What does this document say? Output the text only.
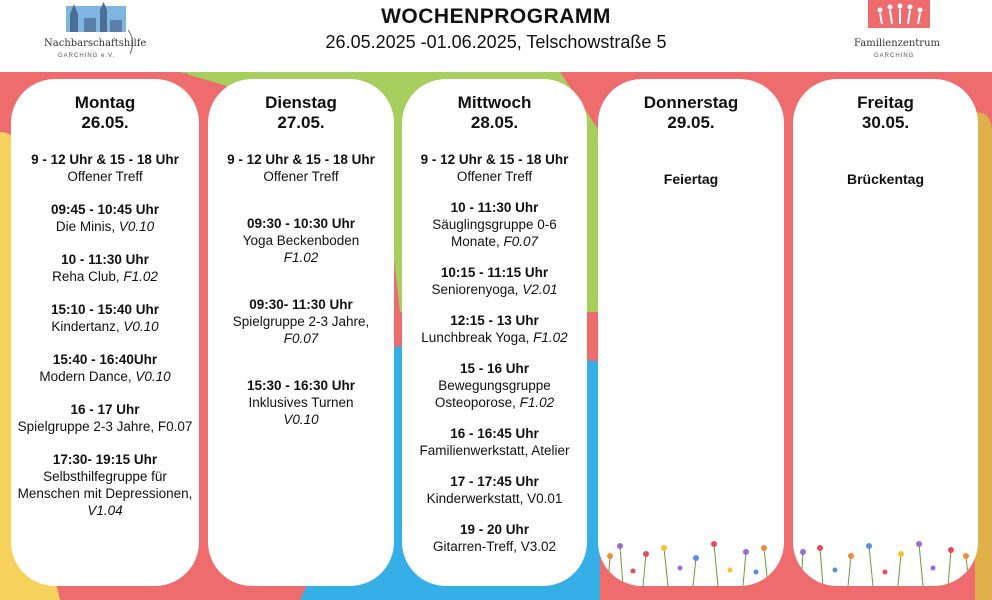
Nachbarschaftshilfe
GARCHING e.V.
WOCHENPROGRAMM
26.05.2025 -01.06.2025, Telschowstraße 5	Familienzentrum
GARCHING
Montag
26.05.
9 - 12 Uhr & 15 - 18 Uhr
Offener Treff
09:45 - 10:45 Uhr
Die Minis, V0.10
10 - 11:30 Uhr
Reha Club, F1.02
15:10 - 15:40 Uhr
Kindertanz, V0.10
15:40 - 16:40Uhr
Modern Dance, V0.10
16 - 17 Uhr
Spielgruppe 2-3 Jahre, F0.07
17:30- 19:15 Uhr
Selbsthilfegruppe für Menschen mit Depressionen, V1.04
Dienstag
27.05.
9 - 12 Uhr & 15 - 18 Uhr
Offener Treff
09:30 - 10:30 Uhr
Yoga Beckenboden
F1.02
09:30- 11:30 Uhr
Spielgruppe 2-3 Jahre, F0.07
15:30 - 16:30 Uhr
Inklusives Turnen
V0.10
Mittwoch
28.05.
9 - 12 Uhr & 15 - 18 Uhr
Offener Treff
10 - 11:30 Uhr
Säuglingsgruppe 0-6 Monate, F0.07
10:15 - 11:15 Uhr
Seniorenyoga, V2.01
12:15 - 13 Uhr
Lunchbreak Yoga, F1.02
15 - 16 Uhr
Bewegungsgruppe Osteoporose, F1.02
16 - 16:45 Uhr
Familienwerkstatt, Atelier
17 - 17:45 Uhr
Kinderwerkstatt, V0.01
19 - 20 Uhr
Gitarren-Treff, V3.02
Donnerstag
29.05.
Feiertag
Freitag
30.05.
Brückentag
